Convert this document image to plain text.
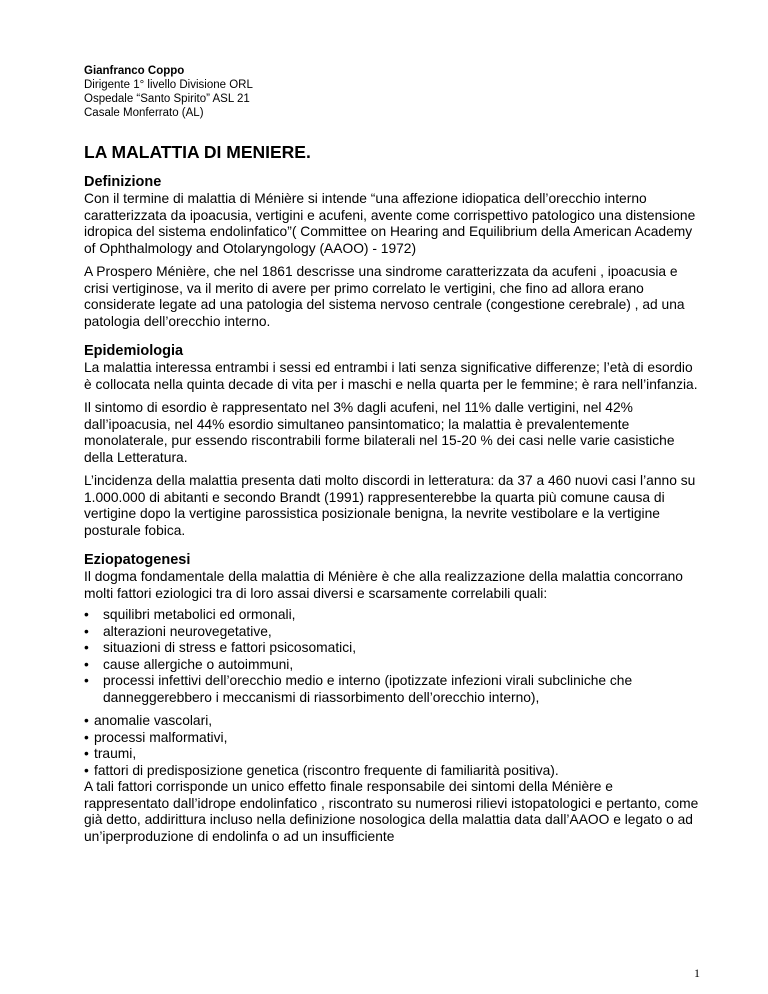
Gianfranco Coppo
Dirigente 1° livello Divisione ORL
Ospedale “Santo Spirito” ASL 21
Casale Monferrato (AL)
LA MALATTIA DI MENIERE.
Definizione

Con il termine di malattia di Ménière si intende “una affezione idiopatica dell’orecchio interno caratterizzata da ipoacusia, vertigini e acufeni, avente come corrispettivo patologico una distensione idropica del sistema endolinfatico”( Committee on Hearing and Equilibrium della American Academy of Ophthalmology and Otolaryngology (AAOO) - 1972)

A Prospero Ménière, che nel 1861 descrisse una sindrome caratterizzata da acufeni , ipoacusia e crisi vertiginose, va il merito di avere per primo correlato le vertigini, che fino ad allora erano considerate legate ad una patologia del sistema nervoso centrale (congestione cerebrale) , ad una patologia dell’orecchio interno.

Epidemiologia

La malattia interessa entrambi i sessi ed entrambi i lati senza significative differenze; l’età di esordio è collocata nella quinta decade di vita per i maschi e nella quarta per le femmine; è rara nell’infanzia.

Il sintomo di esordio è rappresentato nel 3% dagli acufeni, nel 11% dalle vertigini, nel 42% dall’ipoacusia, nel 44% esordio simultaneo pansintomatico; la malattia è prevalentemente monolaterale, pur essendo riscontrabili forme bilaterali nel 15-20 % dei casi nelle varie casistiche della Letteratura.

L’incidenza della malattia presenta dati molto discordi in letteratura: da 37 a 460 nuovi casi l’anno su 1.000.000 di abitanti e secondo Brandt (1991) rappresenterebbe la quarta più comune causa di vertigine dopo la vertigine parossistica posizionale benigna, la nevrite vestibolare e la vertigine posturale fobica.

Eziopatogenesi

Il dogma fondamentale della malattia di Ménière è che alla realizzazione della malattia concorrano molti fattori eziologici tra di loro assai diversi e scarsamente correlabili quali:

• squilibri metabolici ed ormonali,
• alterazioni neurovegetative,
• situazioni di stress e fattori psicosomatici,
• cause allergiche o autoimmuni,
• processi infettivi dell’orecchio medio e interno (ipotizzate infezioni virali subcliniche che danneggerebbero i meccanismi di riassorbimento dell’orecchio interno),
• anomalie vascolari,
• processi malformativi,
• traumi,
• fattori di predisposizione genetica (riscontro frequente di familiarità positiva).

A tali fattori corrisponde un unico effetto finale responsabile dei sintomi della Ménière e rappresentato dall’idrope endolinfatico , riscontrato su numerosi rilievi istopatologici e pertanto, come già detto, addirittura incluso nella definizione nosologica della malattia data dall’AAOO e legato o ad un’iperproduzione di endolinfa o ad un insufficiente

1
